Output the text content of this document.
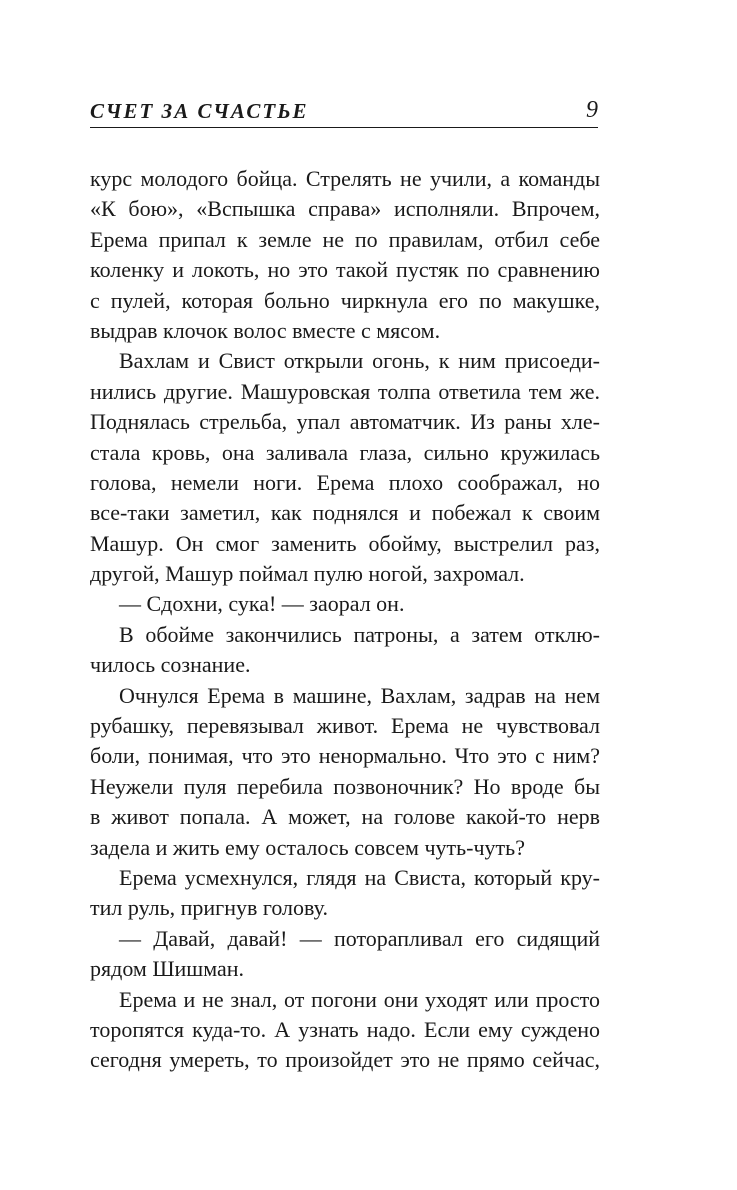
СЧЕТ ЗА СЧАСТЬЕ	9
курс молодого бойца. Стрелять не учили, а команды
«К бою», «Вспышка справа» исполняли. Впрочем,
Ерема припал к земле не по правилам, отбил себе
коленку и локоть, но это такой пустяк по сравнению
с пулей, которая больно чиркнула его по макушке,
выдрав клочок волос вместе с мясом.
Вахлам и Свист открыли огонь, к ним присоеди-
нились другие. Машуровская толпа ответила тем же.
Поднялась стрельба, упал автоматчик. Из раны хле-
стала кровь, она заливала глаза, сильно кружилась
голова, немели ноги. Ерема плохо соображал, но
все-таки заметил, как поднялся и побежал к своим
Машур. Он смог заменить обойму, выстрелил раз,
другой, Машур поймал пулю ногой, захромал.
— Сдохни, сука! — заорал он.
В обойме закончились патроны, а затем отклю-
чилось сознание.
Очнулся Ерема в машине, Вахлам, задрав на нем
рубашку, перевязывал живот. Ерема не чувствовал
боли, понимая, что это ненормально. Что это с ним?
Неужели пуля перебила позвоночник? Но вроде бы
в живот попала. А может, на голове какой-то нерв
задела и жить ему осталось совсем чуть-чуть?
Ерема усмехнулся, глядя на Свиста, который кру-
тил руль, пригнув голову.
— Давай, давай! — поторапливал его сидящий
рядом Шишман.
Ерема и не знал, от погони они уходят или просто
торопятся куда-то. А узнать надо. Если ему суждено
сегодня умереть, то произойдет это не прямо сейчас,
